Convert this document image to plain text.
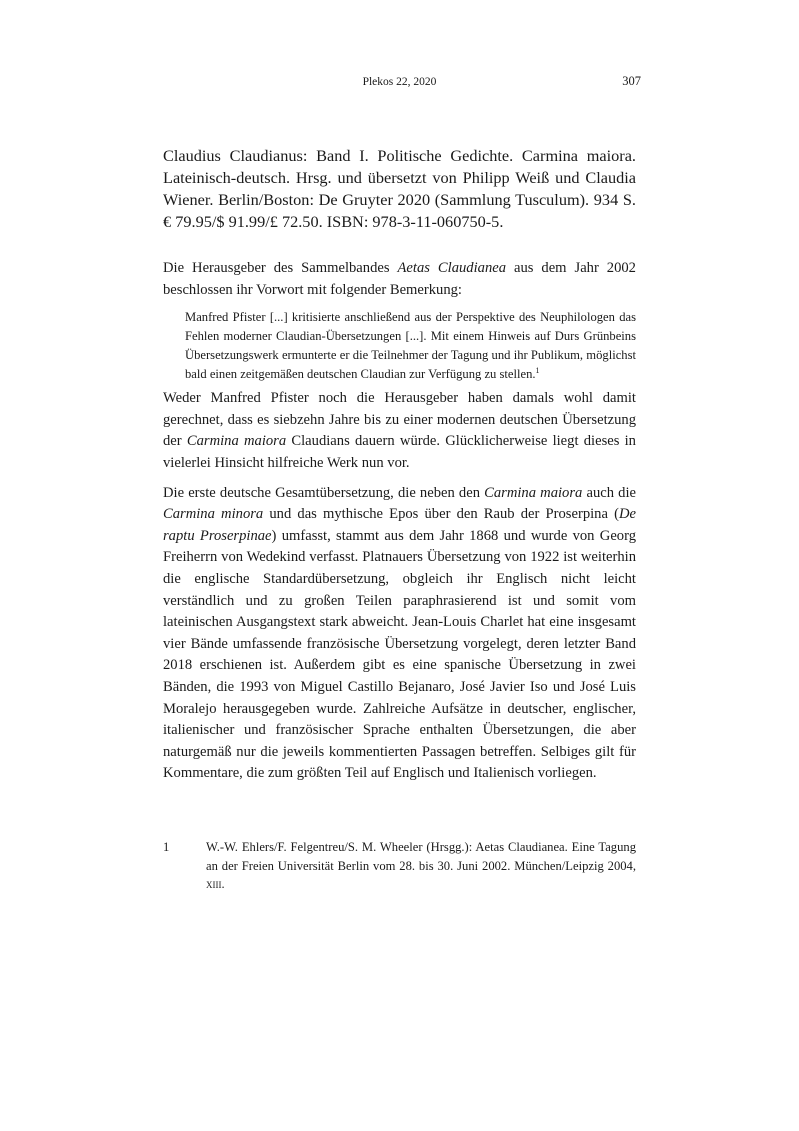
Plekos 22, 2020	307

Claudius Claudianus: Band I. Politische Gedichte. Carmina maiora. Lateinisch-deutsch. Hrsg. und übersetzt von Philipp Weiß und Claudia Wiener. Berlin/Boston: De Gruyter 2020 (Sammlung Tusculum). 934 S. € 79.95/$ 91.99/£ 72.50. ISBN: 978-3-11-060750-5.

Die Herausgeber des Sammelbandes Aetas Claudianea aus dem Jahr 2002 beschlossen ihr Vorwort mit folgender Bemerkung:

Manfred Pfister [...] kritisierte anschließend aus der Perspektive des Neuphilologen das Fehlen moderner Claudian-Übersetzungen [...]. Mit einem Hinweis auf Durs Grünbeins Übersetzungswerk ermunterte er die Teilnehmer der Tagung und ihr Publikum, möglichst bald einen zeitgemäßen deutschen Claudian zur Verfügung zu stellen.$^1$

Weder Manfred Pfister noch die Herausgeber haben damals wohl damit gerechnet, dass es siebzehn Jahre bis zu einer modernen deutschen Übersetzung der Carmina maiora Claudians dauern würde. Glücklicherweise liegt dieses in vielerlei Hinsicht hilfreiche Werk nun vor.

Die erste deutsche Gesamtübersetzung, die neben den Carmina maiora auch die Carmina minora und das mythische Epos über den Raub der Proserpina (De raptu Proserpinae) umfasst, stammt aus dem Jahr 1868 und wurde von Georg Freiherrn von Wedekind verfasst. Platnauers Übersetzung von 1922 ist weiterhin die englische Standardübersetzung, obgleich ihr Englisch nicht leicht verständlich und zu großen Teilen paraphrasierend ist und somit vom lateinischen Ausgangstext stark abweicht. Jean-Louis Charlet hat eine insgesamt vier Bände umfassende französische Übersetzung vorgelegt, deren letzter Band 2018 erschienen ist. Außerdem gibt es eine spanische Übersetzung in zwei Bänden, die 1993 von Miguel Castillo Bejanaro, José Javier Iso und José Luis Moralejo herausgegeben wurde. Zahlreiche Aufsätze in deutscher, englischer, italienischer und französischer Sprache enthalten Übersetzungen, die aber naturgemäß nur die jeweils kommentierten Passagen betreffen. Selbiges gilt für Kommentare, die zum größten Teil auf Englisch und Italienisch vorliegen.

1	W.-W. Ehlers/F. Felgentreu/S. M. Wheeler (Hrsgg.): Aetas Claudianea. Eine Tagung an der Freien Universität Berlin vom 28. bis 30. Juni 2002. München/Leipzig 2004, xiii.
